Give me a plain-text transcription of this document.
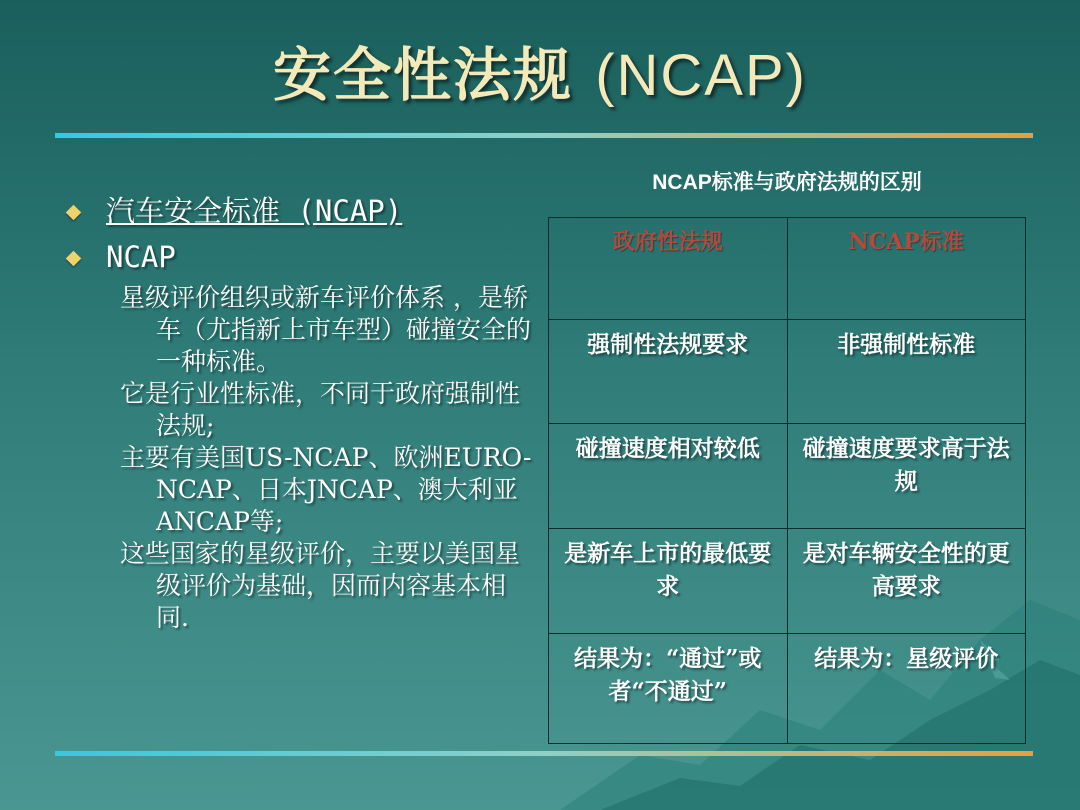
安全性法规 (NCAP)
汽车安全标准 (NCAP)
NCAP

星级评价组织或新车评价体系 ，是轿车（尤指新上市车型）碰撞安全的一种标准。

它是行业性标准，不同于政府强制性法规;

主要有美国US-NCAP、欧洲EURO-NCAP、日本JNCAP、澳大利亚ANCAP等;

这些国家的星级评价，主要以美国星级评价为基础，因而内容基本相同.

NCAP标准与政府法规的区别
政府性法规	NCAP标准
强制性法规要求	非强制性标准
碰撞速度相对较低	碰撞速度要求高于法规
是新车上市的最低要求	是对车辆安全性的更高要求
结果为：“通过”或者“不通过”	结果为：星级评价
